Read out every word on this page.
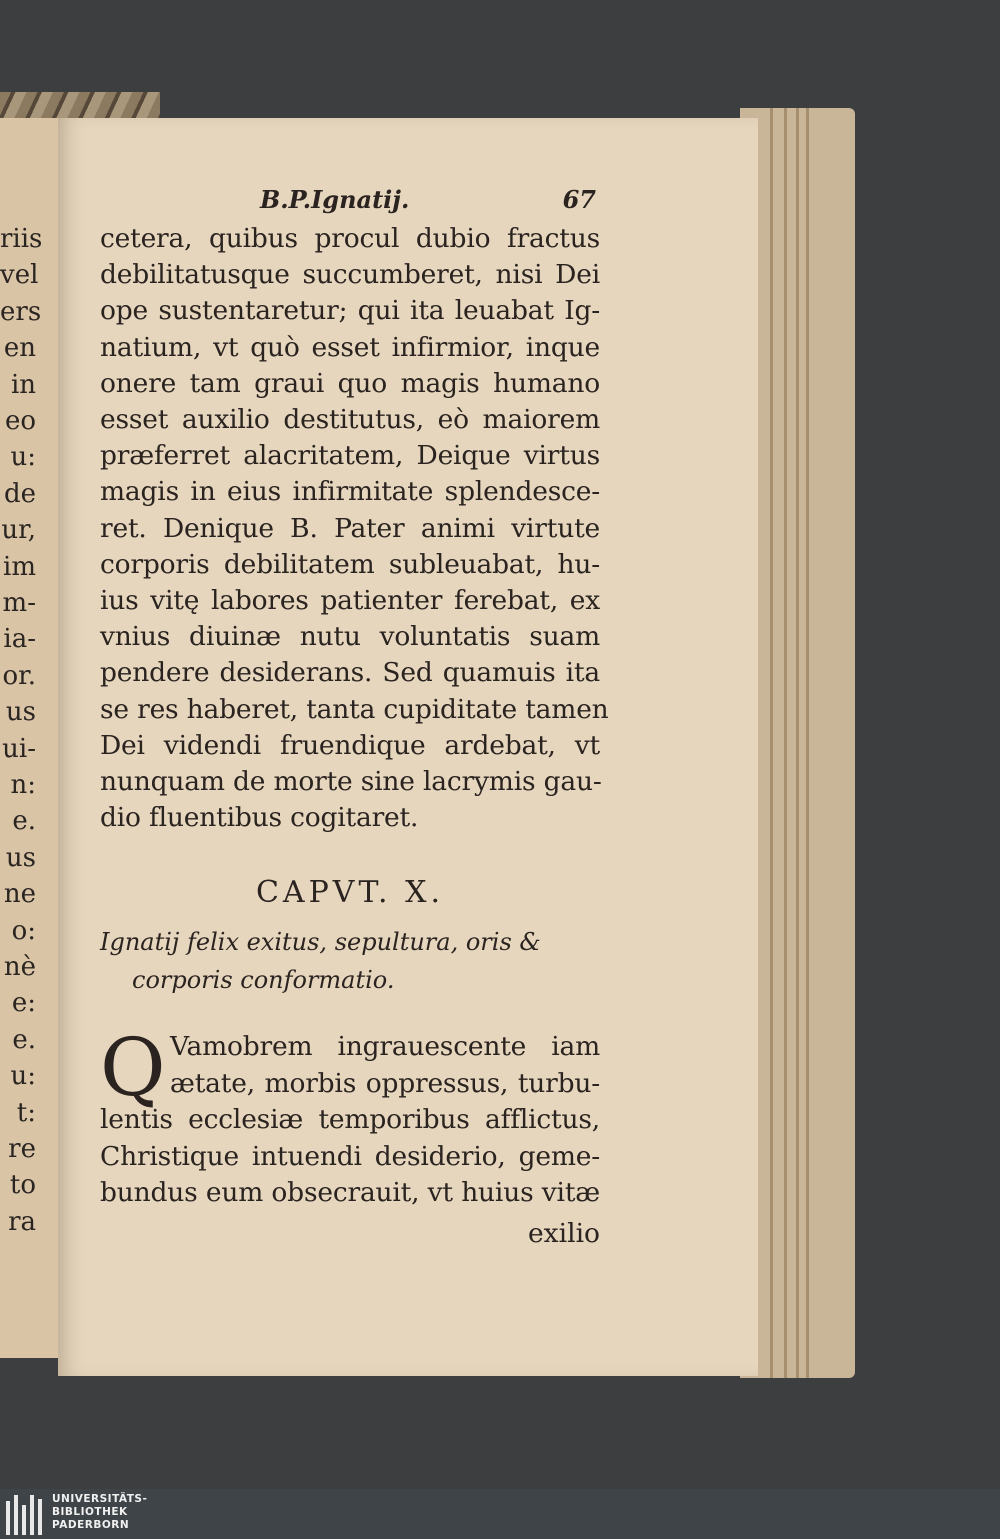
riis
vel
ers
en
in
eo
u:
de
ur,
im
m-
ia-
or.
us
ui-
n:
e.
us
ne
o:
nè
e:
e.
u:
t:
re
to
ra
B.P.Ignatij.	67
cetera, quibus procul dubio fractus
debilitatusque succumberet, nisi Dei
ope sustentaretur; qui ita leuabat Ig-
natium, vt quò esset infirmior, inque
onere tam graui quo magis humano
esset auxilio destitutus, eò maiorem
præferret alacritatem, Deique virtus
magis in eius infirmitate splendesce-
ret. Denique B. Pater animi virtute
corporis debilitatem subleuabat, hu-
ius vitę labores patienter ferebat, ex
vnius diuinæ nutu voluntatis suam
pendere desiderans. Sed quamuis ita
se res haberet, tanta cupiditate tamen
Dei videndi fruendique ardebat, vt
nunquam de morte sine lacrymis gau-
dio fluentibus cogitaret.
CAPVT. X.
Ignatij felix exitus, sepultura, oris &
corporis conformatio.
Q Vamobrem ingrauescente iam
ætate, morbis oppressus, turbu-
lentis ecclesiæ temporibus afflictus,
Christique intuendi desiderio, geme-
bundus eum obsecrauit, vt huius vitæ
exilio
UNIVERSITÄTS-
BIBLIOTHEK
PADERBORN
